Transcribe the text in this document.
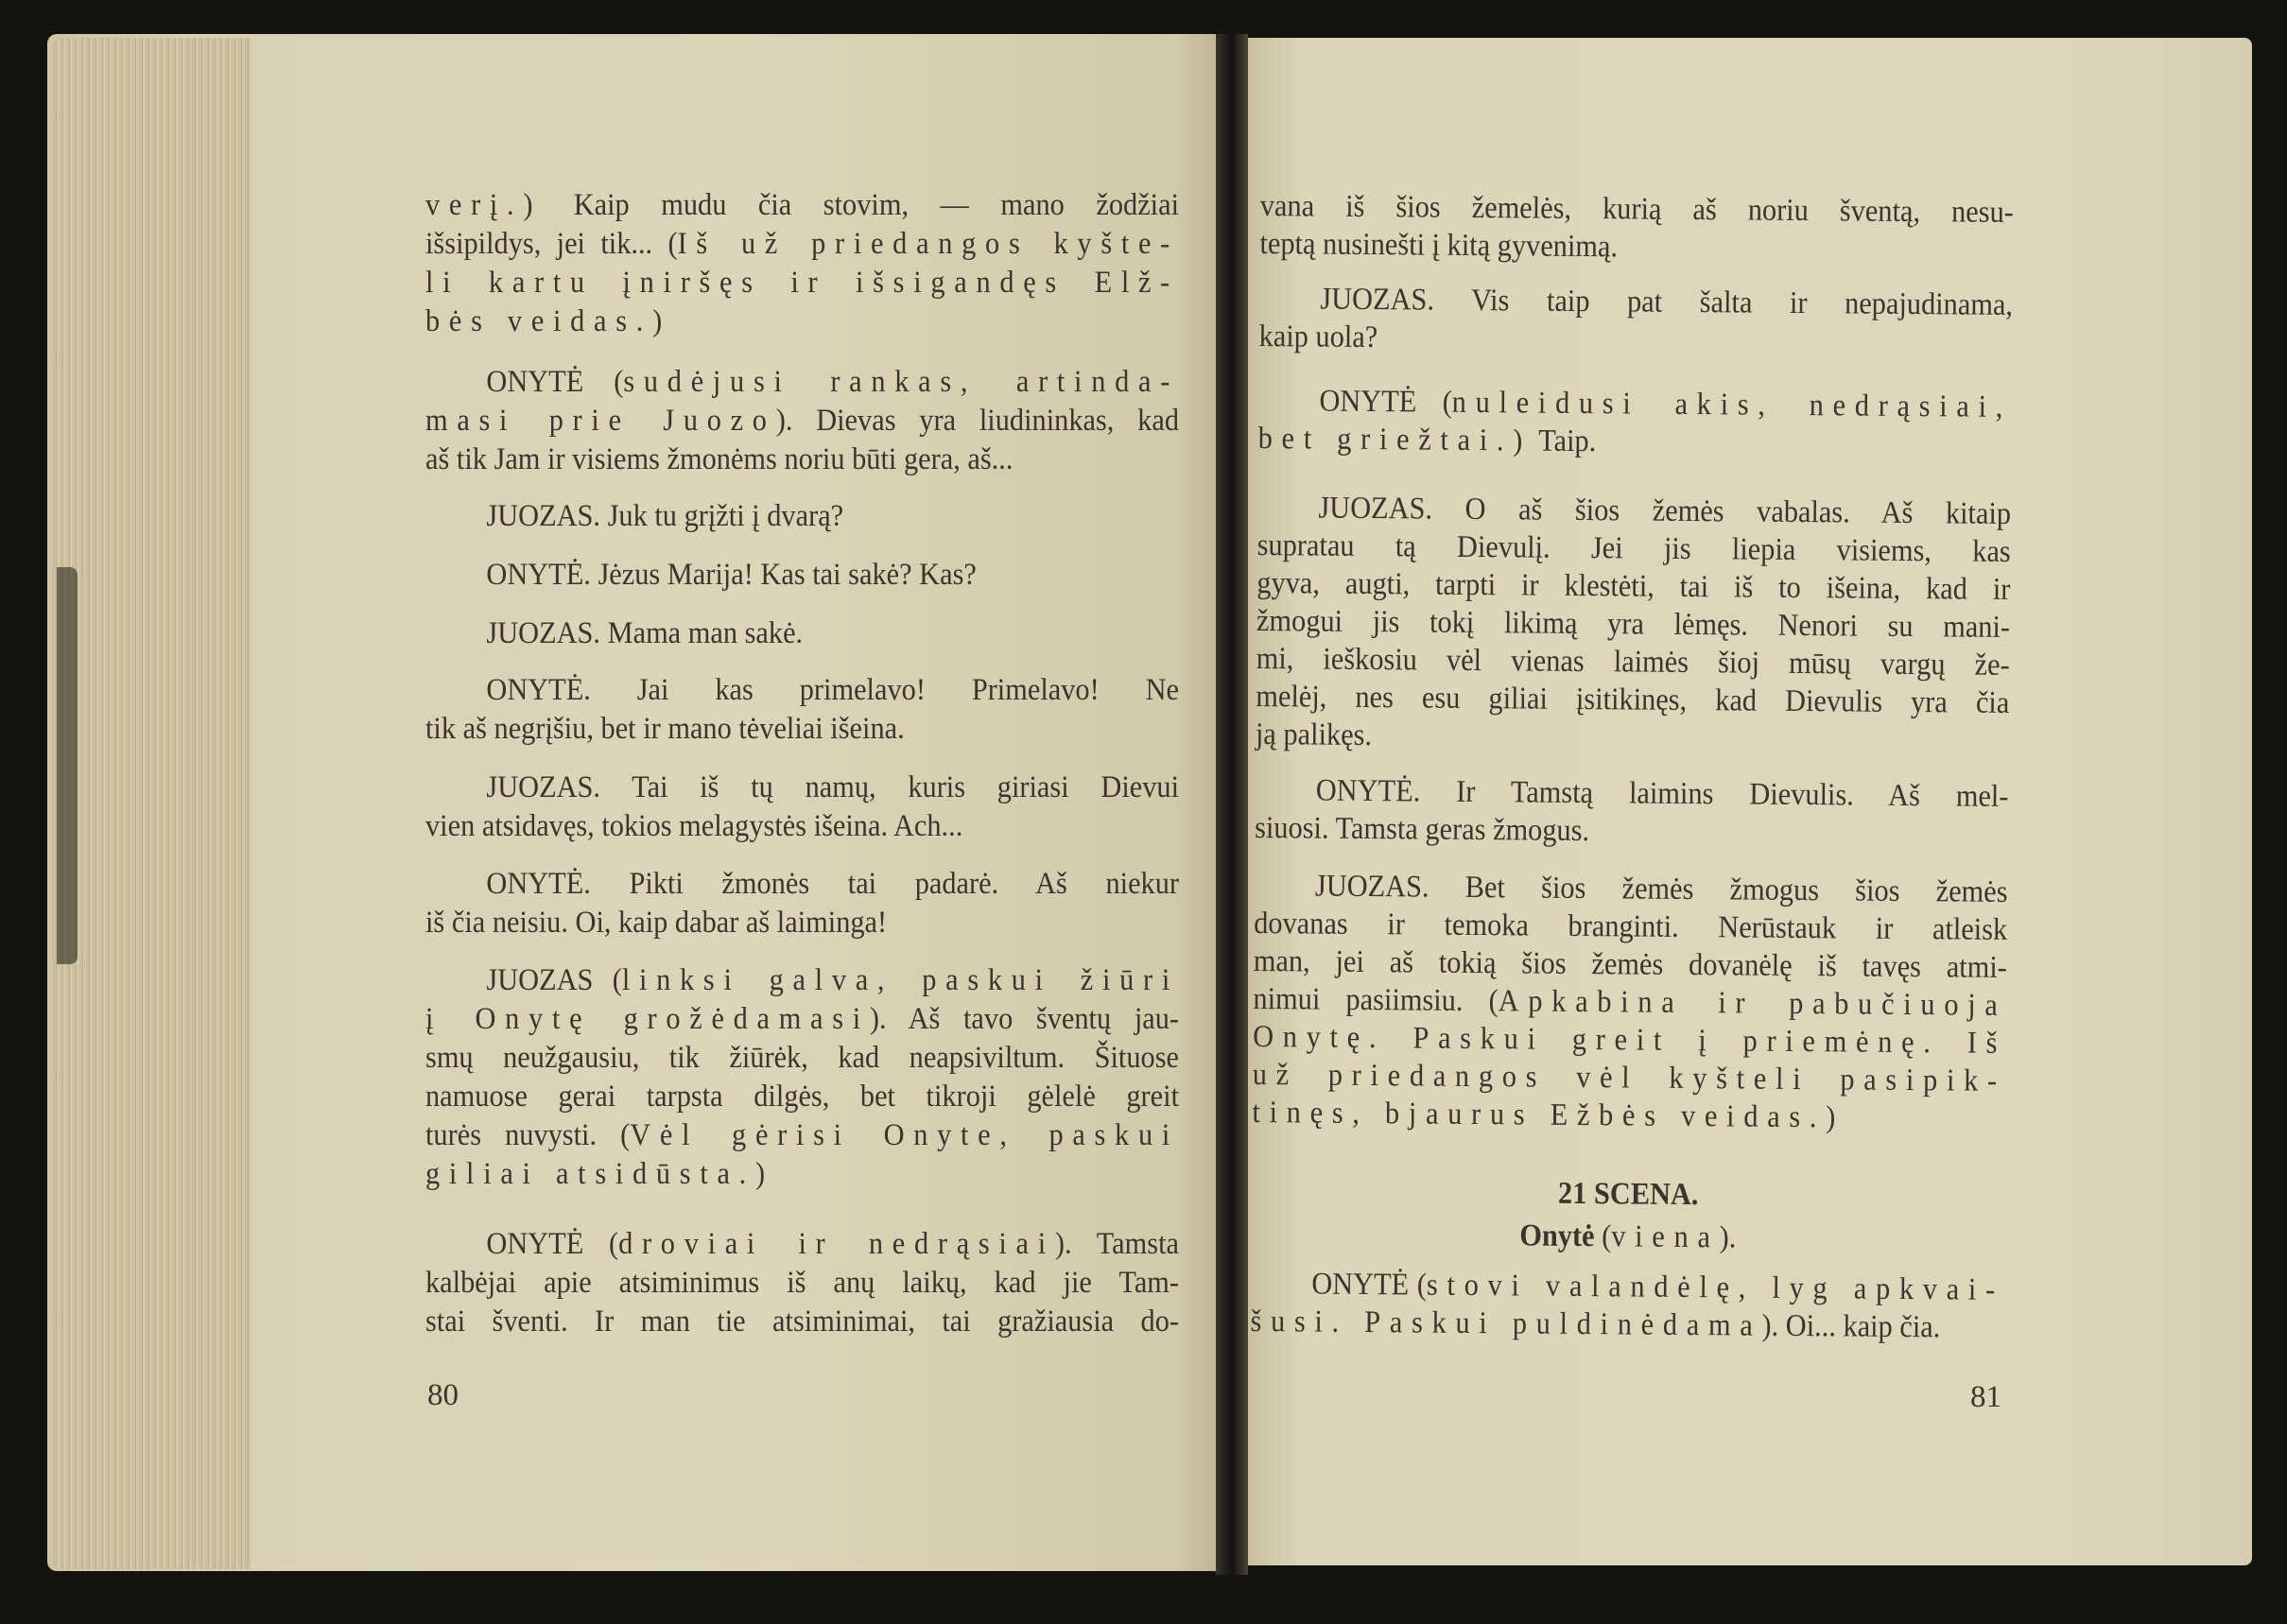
verį.) Kaip mudu čia stovim, — mano žodžiai
išsipildys, jei tik... (Iš už priedangos kyšte-
li kartu įniršęs ir išsigandęs Elž-
bės veidas.)
ONYTĖ (sudėjusi rankas, artinda-
masi prie Juozo). Dievas yra liudininkas, kad
aš tik Jam ir visiems žmonėms noriu būti gera, aš...
JUOZAS. Juk tu grįžti į dvarą?
ONYTĖ. Jėzus Marija! Kas tai sakė? Kas?
JUOZAS. Mama man sakė.
ONYTĖ. Jai kas primelavo! Primelavo! Ne
tik aš negrįšiu, bet ir mano tėveliai išeina.
JUOZAS. Tai iš tų namų, kuris giriasi Dievui
vien atsidavęs, tokios melagystės išeina. Ach...
ONYTĖ. Pikti žmonės tai padarė. Aš niekur
iš čia neisiu. Oi, kaip dabar aš laiminga!
JUOZAS (linksi galva, paskui žiūri
į Onytę grožėdamasi). Aš tavo šventų jau-
smų neužgausiu, tik žiūrėk, kad neapsiviltum. Šituose
namuose gerai tarpsta dilgės, bet tikroji gėlelė greit
turės nuvysti. (Vėl gėrisi Onyte, paskui
giliai atsidūsta.)
ONYTĖ (droviai ir nedrąsiai). Tamsta
kalbėjai apie atsiminimus iš anų laikų, kad jie Tam-
stai šventi. Ir man tie atsiminimai, tai gražiausia do-
vana iš šios žemelės, kurią aš noriu šventą, nesu-
teptą nusinešti į kitą gyvenimą.
JUOZAS. Vis taip pat šalta ir nepajudinama,
kaip uola?
ONYTĖ (nuleidusi akis, nedrąsiai,
bet griežtai.) Taip.
JUOZAS. O aš šios žemės vabalas. Aš kitaip
supratau tą Dievulį. Jei jis liepia visiems, kas
gyva, augti, tarpti ir klestėti, tai iš to išeina, kad ir
žmogui jis tokį likimą yra lėmęs. Nenori su mani-
mi, ieškosiu vėl vienas laimės šioj mūsų vargų že-
melėj, nes esu giliai įsitikinęs, kad Dievulis yra čia
ją palikęs.
ONYTĖ. Ir Tamstą laimins Dievulis. Aš mel-
siuosi. Tamsta geras žmogus.
JUOZAS. Bet šios žemės žmogus šios žemės
dovanas ir temoka branginti. Nerūstauk ir atleisk
man, jei aš tokią šios žemės dovanėlę iš tavęs atmi-
nimui pasiimsiu. (Apkabina ir pabučiuoja
Onytę. Paskui greit į priemėnę. Iš
už priedangos vėl kyšteli pasipik-
tinęs, bjaurus Ežbės veidas.)
21 SCENA.
Onytė (viena).
ONYTĖ (stovi valandėlę, lyg apkvai-
šusi. Paskui puldinėdama). Oi... kaip čia.
80	81
